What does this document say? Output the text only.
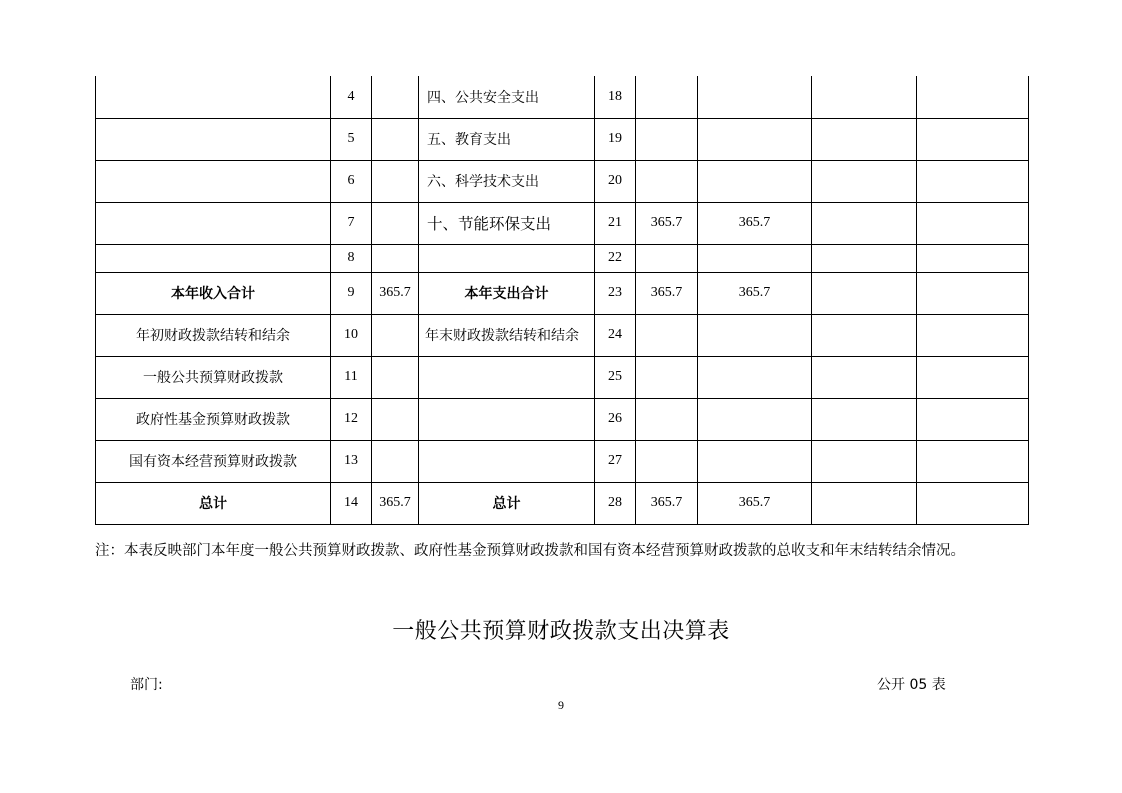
	4		四、公共安全支出	18				
	5		五、教育支出	19				
	6		六、科学技术支出	20				
	7		十、节能环保支出	21	365.7	365.7		
	8			22				
本年收入合计	9	365.7	本年支出合计	23	365.7	365.7		
年初财政拨款结转和结余	10		年末财政拨款结转和结余	24				
一般公共预算财政拨款	11			25				
政府性基金预算财政拨款	12			26				
国有资本经营预算财政拨款	13			27				
总计	14	365.7	总计	28	365.7	365.7		
注：本表反映部门本年度一般公共预算财政拨款、政府性基金预算财政拨款和国有资本经营预算财政拨款的总收支和年末结转结余情况。
一般公共预算财政拨款支出决算表
部门:	公开 05 表
9
